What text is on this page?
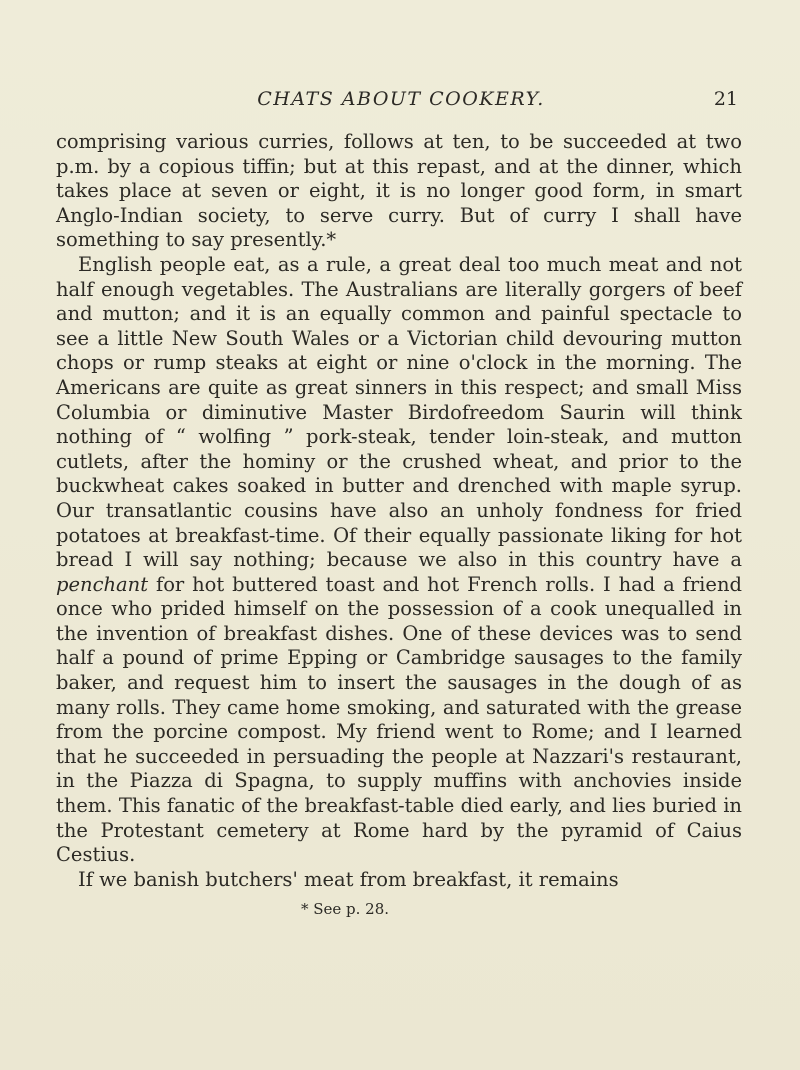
CHATS ABOUT COOKERY.	21

comprising various curries, follows at ten, to be succeeded at two p.m. by a copious tiffin; but at this repast, and at the dinner, which takes place at seven or eight, it is no longer good form, in smart Anglo-Indian society, to serve curry. But of curry I shall have something to say presently.*

English people eat, as a rule, a great deal too much meat and not half enough vegetables. The Australians are literally gorgers of beef and mutton; and it is an equally common and painful spectacle to see a little New South Wales or a Victorian child devouring mutton chops or rump steaks at eight or nine o'clock in the morning. The Americans are quite as great sinners in this respect; and small Miss Columbia or diminutive Master Birdofreedom Saurin will think nothing of “ wolfing ” pork-steak, tender loin-steak, and mutton cutlets, after the hominy or the crushed wheat, and prior to the buckwheat cakes soaked in butter and drenched with maple syrup. Our transatlantic cousins have also an unholy fondness for fried potatoes at breakfast-time. Of their equally passionate liking for hot bread I will say nothing; because we also in this country have a penchant for hot buttered toast and hot French rolls. I had a friend once who prided himself on the possession of a cook unequalled in the invention of breakfast dishes. One of these devices was to send half a pound of prime Epping or Cambridge sausages to the family baker, and request him to insert the sausages in the dough of as many rolls. They came home smoking, and saturated with the grease from the porcine compost. My friend went to Rome; and I learned that he succeeded in persuading the people at Nazzari's restaurant, in the Piazza di Spagna, to supply muffins with anchovies inside them. This fanatic of the breakfast-table died early, and lies buried in the Protestant cemetery at Rome hard by the pyramid of Caius Cestius.

If we banish butchers' meat from breakfast, it remains

* See p. 28.
